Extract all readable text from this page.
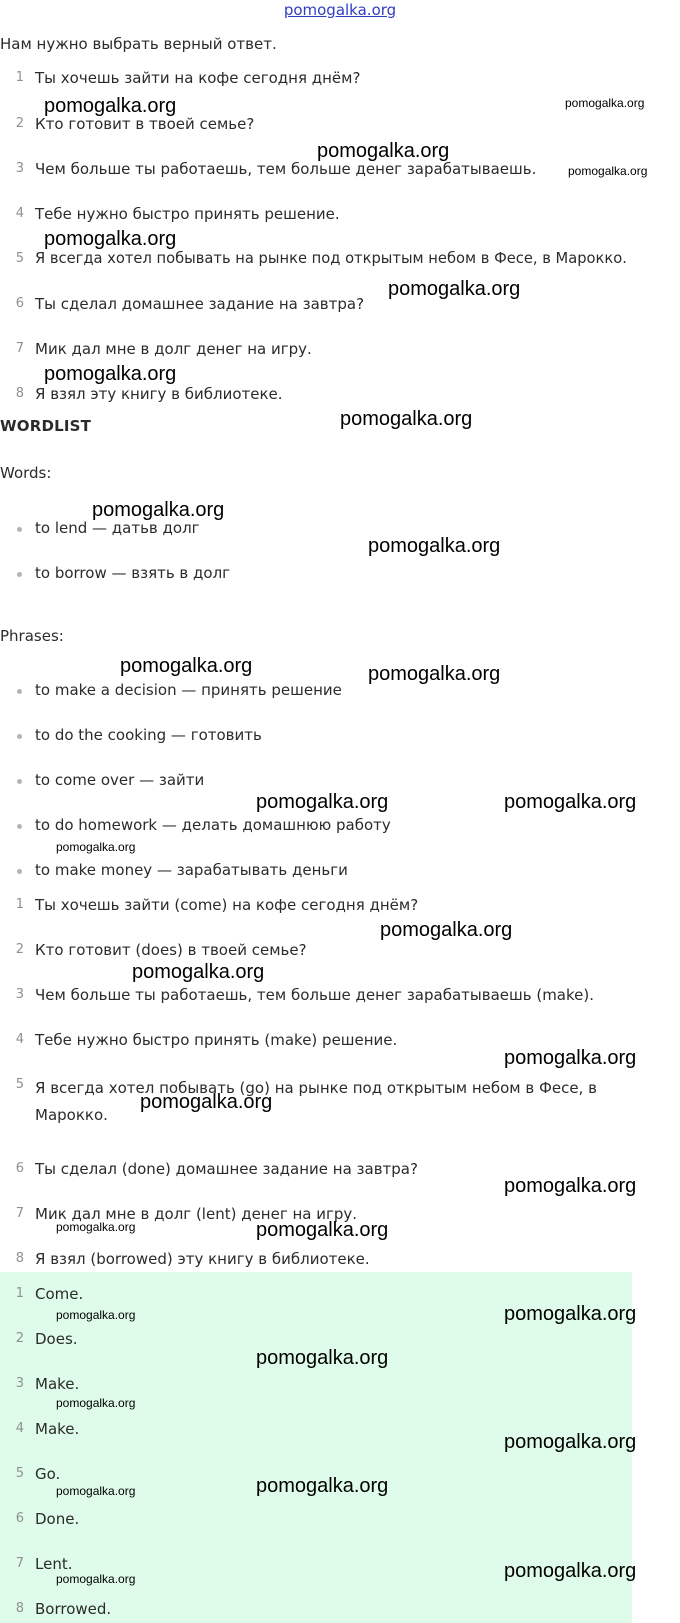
pomogalka.org
Нам нужно выбрать верный ответ.
1 Ты хочешь зайти на кофе сегодня днём?
2 Кто готовит в твоей семье?
3 Чем больше ты работаешь, тем больше денег зарабатываешь.
4 Тебе нужно быстро принять решение.
5 Я всегда хотел побывать на рынке под открытым небом в Фесе, в Марокко.
6 Ты сделал домашнее задание на завтра?
7 Мик дал мне в долг денег на игру.
8 Я взял эту книгу в библиотеке.
WORDLIST
Words:
to lend — датьв долг
to borrow — взять в долг
Phrases:
to make a decision — принять решение
to do the cooking — готовить
to come over — зайти
to do homework — делать домашнюю работу
to make money — зарабатывать деньги
1 Ты хочешь зайти (come) на кофе сегодня днём?
2 Кто готовит (does) в твоей семье?
3 Чем больше ты работаешь, тем больше денег зарабатываешь (make).
4 Тебе нужно быстро принять (make) решение.
5 Я всегда хотел побывать (go) на рынке под открытым небом в Фесе, в Марокко.
6 Ты сделал (done) домашнее задание на завтра?
7 Мик дал мне в долг (lent) денег на игру.
8 Я взял (borrowed) эту книгу в библиотеке.
1 Come.
2 Does.
3 Make.
4 Make.
5 Go.
6 Done.
7 Lent.
8 Borrowed.
pomogalka.org	pomogalka.org
pomogalka.org
pomogalka.org
pomogalka.org
pomogalka.org
pomogalka.org
pomogalka.org
pomogalka.org
pomogalka.org
pomogalka.org	pomogalka.org
pomogalka.org	pomogalka.org
pomogalka.org
pomogalka.org
pomogalka.org
pomogalka.org
pomogalka.org
pomogalka.org
pomogalka.org	pomogalka.org
pomogalka.org	pomogalka.org
pomogalka.org
pomogalka.org
pomogalka.org
pomogalka.org	pomogalka.org
pomogalka.org	pomogalka.org
